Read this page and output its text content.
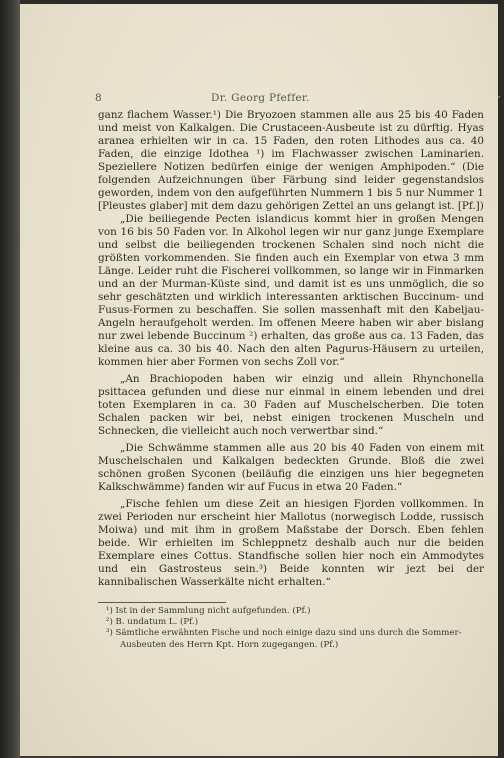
8	Dr. Georg Pfeffer.

ganz flachem Wasser.¹) Die Bryozoen stammen alle aus 25 bis 40 Faden und meist von Kalkalgen. Die Crustaceen-Ausbeute ist zu dürftig. Hyas aranea erhielten wir in ca. 15 Faden, den roten Lithodes aus ca. 40 Faden, die einzige Idothea ¹) im Flachwasser zwischen Laminarien. Speziellere Notizen bedürfen einige der wenigen Amphipoden.“ (Die folgenden Aufzeichnungen über Färbung sind leider gegenstandslos geworden, indem von den aufgeführten Nummern 1 bis 5 nur Nummer 1 [Pleustes glaber] mit dem dazu gehörigen Zettel an uns gelangt ist. [Pf.])

„Die beiliegende Pecten islandicus kommt hier in großen Mengen von 16 bis 50 Faden vor. In Alkohol legen wir nur ganz junge Exemplare und selbst die beiliegenden trockenen Schalen sind noch nicht die größten vorkommenden. Sie finden auch ein Exemplar von etwa 3 mm Länge. Leider ruht die Fischerei vollkommen, so lange wir in Finmarken und an der Murman-Küste sind, und damit ist es uns unmöglich, die so sehr geschätzten und wirklich interessanten arktischen Buccinum- und Fusus-Formen zu beschaffen. Sie sollen massenhaft mit den Kabeljau-Angeln heraufgeholt werden. Im offenen Meere haben wir aber bislang nur zwei lebende Buccinum ²) erhalten, das große aus ca. 13 Faden, das kleine aus ca. 30 bis 40. Nach den alten Pagurus-Häusern zu urteilen, kommen hier aber Formen von sechs Zoll vor.“

„An Brachiopoden haben wir einzig und allein Rhynchonella psittacea gefunden und diese nur einmal in einem lebenden und drei toten Exemplaren in ca. 30 Faden auf Muschelscherben. Die toten Schalen packen wir bei, nebst einigen trockenen Muscheln und Schnecken, die vielleicht auch noch verwertbar sind.“

„Die Schwämme stammen alle aus 20 bis 40 Faden von einem mit Muschelschalen und Kalkalgen bedeckten Grunde. Bloß die zwei schönen großen Syconen (beiläufig die einzigen uns hier begegneten Kalkschwämme) fanden wir auf Fucus in etwa 20 Faden.“

„Fische fehlen um diese Zeit an hiesigen Fjorden vollkommen. In zwei Perioden nur erscheint hier Mallotus (norwegisch Lodde, russisch Moiwa) und mit ihm in großem Maßstabe der Dorsch. Eben fehlen beide. Wir erhielten im Schleppnetz deshalb auch nur die beiden Exemplare eines Cottus. Standfische sollen hier noch ein Ammodytes und ein Gastrosteus sein.³) Beide konnten wir jezt bei der kannibalischen Wasserkälte nicht erhalten.“

¹) Ist in der Sammlung nicht aufgefunden. (Pf.)

²) B. undatum L. (Pf.)

³) Sämtliche erwähnten Fische und noch einige dazu sind uns durch die Sommer-Ausbeuten des Herrn Kpt. Horn zugegangen. (Pf.)
